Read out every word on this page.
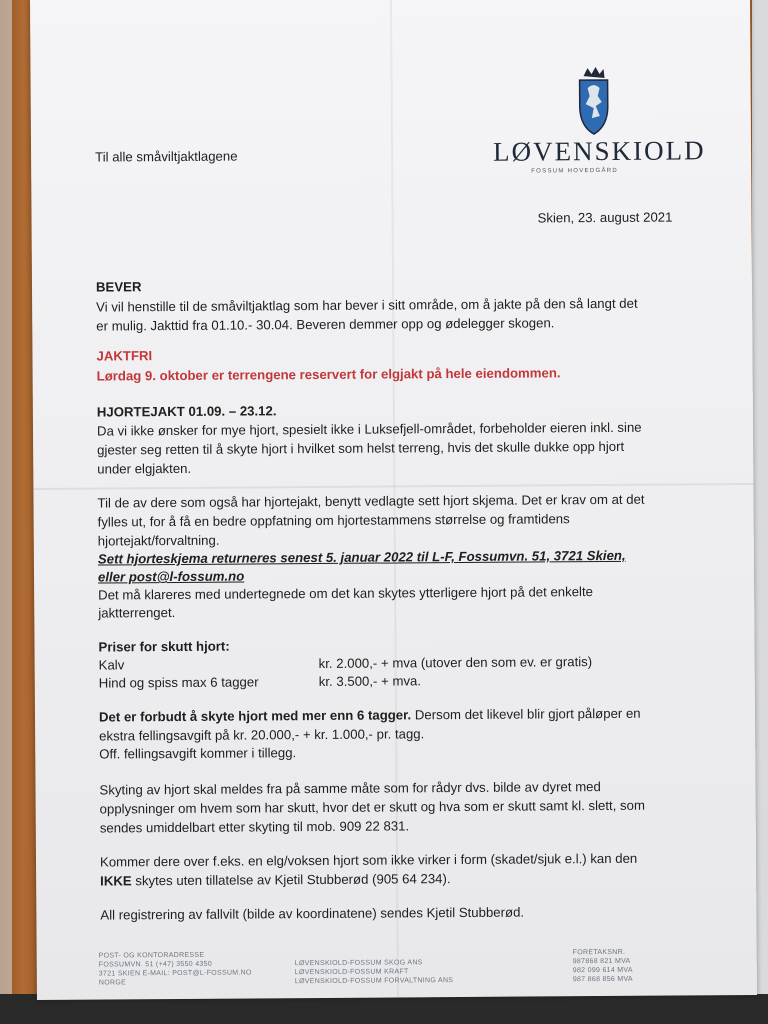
Til alle småviltjaktlagene	LØVENSKIOLD
FOSSUM HOVEDGÅRD
Skien, 23. august 2021
BEVER
Vi vil henstille til de småviltjaktlag som har bever i sitt område, om å jakte på den så langt det
er mulig. Jakttid fra 01.10.- 30.04. Beveren demmer opp og ødelegger skogen.
JAKTFRI
Lørdag 9. oktober er terrengene reservert for elgjakt på hele eiendommen.
HJORTEJAKT 01.09. – 23.12.
Da vi ikke ønsker for mye hjort, spesielt ikke i Luksefjell-området, forbeholder eieren inkl. sine
gjester seg retten til å skyte hjort i hvilket som helst terreng, hvis det skulle dukke opp hjort
under elgjakten.
Til de av dere som også har hjortejakt, benytt vedlagte sett hjort skjema. Det er krav om at det
fylles ut, for å få en bedre oppfatning om hjortestammens størrelse og framtidens
hjortejakt/forvaltning.
Sett hjorteskjema returneres senest 5. januar 2022 til L-F, Fossumvn. 51, 3721 Skien,
eller post@l-fossum.no
Det må klareres med undertegnede om det kan skytes ytterligere hjort på det enkelte
jaktterrenget.
Priser for skutt hjort:
Kalv	kr. 2.000,- + mva (utover den som ev. er gratis)
Hind og spiss max 6 tagger	kr. 3.500,- + mva.
Det er forbudt å skyte hjort med mer enn 6 tagger. Dersom det likevel blir gjort påløper en
ekstra fellingsavgift på kr. 20.000,- + kr. 1.000,- pr. tagg.
Off. fellingsavgift kommer i tillegg.
Skyting av hjort skal meldes fra på samme måte som for rådyr dvs. bilde av dyret med
opplysninger om hvem som har skutt, hvor det er skutt og hva som er skutt samt kl. slett, som
sendes umiddelbart etter skyting til mob. 909 22 831.
Kommer dere over f.eks. en elg/voksen hjort som ikke virker i form (skadet/sjuk e.l.) kan den
IKKE skytes uten tillatelse av Kjetil Stubberød (905 64 234).
All registrering av fallvilt (bilde av koordinatene) sendes Kjetil Stubberød.
POST- OG KONTORADRESSE
FOSSUMVN. 51 (+47) 3550 4350
3721 SKIEN E-MAIL: POST@L-FOSSUM.NO
NORGE
LØVENSKIOLD-FOSSUM SKOG ANS
LØVENSKIOLD-FOSSUM KRAFT
LØVENSKIOLD-FOSSUM FORVALTNING ANS
FORETAKSNR.
987868 821 MVA
982 099 614 MVA
987 868 856 MVA
